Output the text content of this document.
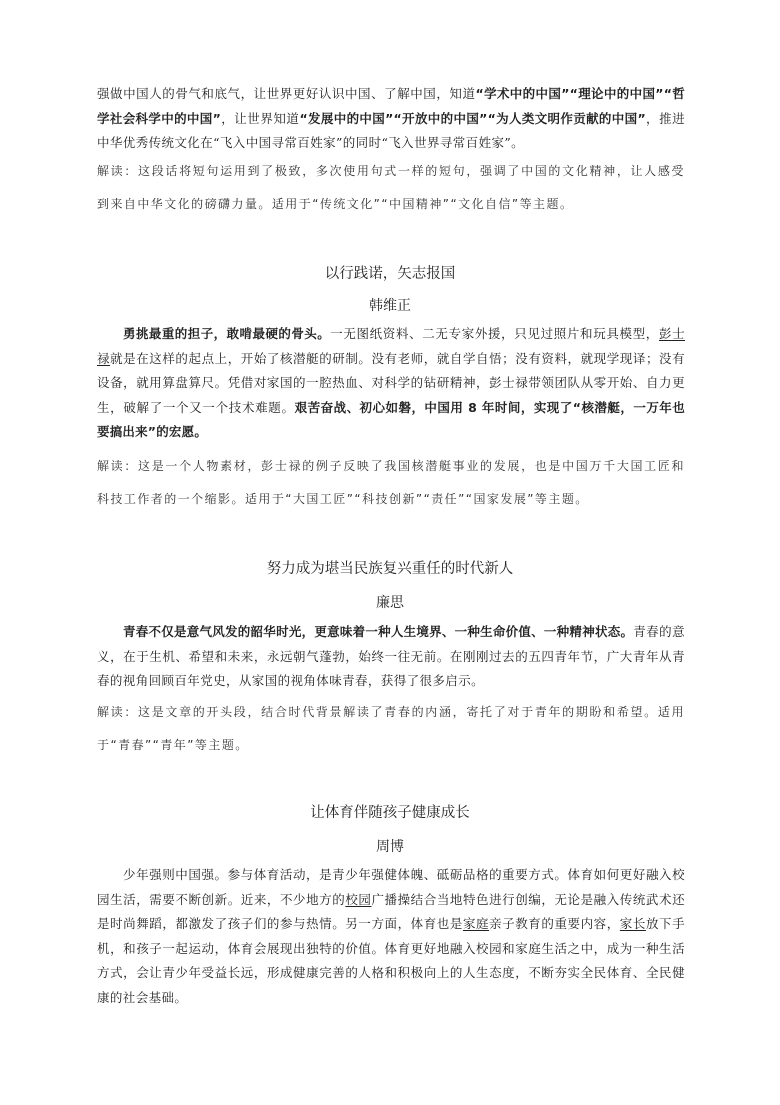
强做中国人的骨气和底气，让世界更好认识中国、了解中国，知道“学术中的中国”“理论中的中国”“哲学社会科学中的中国”，让世界知道“发展中的中国”“开放中的中国”“为人类文明作贡献的中国”，推进中华优秀传统文化在“飞入中国寻常百姓家”的同时“飞入世界寻常百姓家”。

解读：这段话将短句运用到了极致，多次使用句式一样的短句，强调了中国的文化精神，让人感受到来自中华文化的磅礴力量。适用于“传统文化”“中国精神”“文化自信”等主题。

以行践诺，矢志报国

韩维正

勇挑最重的担子，敢啃最硬的骨头。一无图纸资料、二无专家外援，只见过照片和玩具模型，彭士禄就是在这样的起点上，开始了核潜艇的研制。没有老师，就自学自悟；没有资料，就现学现译；没有设备，就用算盘算尺。凭借对家国的一腔热血、对科学的钻研精神，彭士禄带领团队从零开始、自力更生，破解了一个又一个技术难题。艰苦奋战、初心如磐，中国用 8 年时间，实现了“核潜艇，一万年也要搞出来”的宏愿。

解读：这是一个人物素材，彭士禄的例子反映了我国核潜艇事业的发展，也是中国万千大国工匠和科技工作者的一个缩影。适用于“大国工匠”“科技创新”“责任”“国家发展”等主题。

努力成为堪当民族复兴重任的时代新人

廉思

青春不仅是意气风发的韶华时光，更意味着一种人生境界、一种生命价值、一种精神状态。青春的意义，在于生机、希望和未来，永远朝气蓬勃，始终一往无前。在刚刚过去的五四青年节，广大青年从青春的视角回顾百年党史，从家国的视角体味青春，获得了很多启示。

解读：这是文章的开头段，结合时代背景解读了青春的内涵，寄托了对于青年的期盼和希望。适用于“青春”“青年”等主题。

让体育伴随孩子健康成长

周博

少年强则中国强。参与体育活动，是青少年强健体魄、砥砺品格的重要方式。体育如何更好融入校园生活，需要不断创新。近来，不少地方的校园广播操结合当地特色进行创编，无论是融入传统武术还是时尚舞蹈，都激发了孩子们的参与热情。另一方面，体育也是家庭亲子教育的重要内容，家长放下手机，和孩子一起运动，体育会展现出独特的价值。体育更好地融入校园和家庭生活之中，成为一种生活方式，会让青少年受益长远，形成健康完善的人格和积极向上的人生态度，不断夯实全民体育、全民健康的社会基础。
